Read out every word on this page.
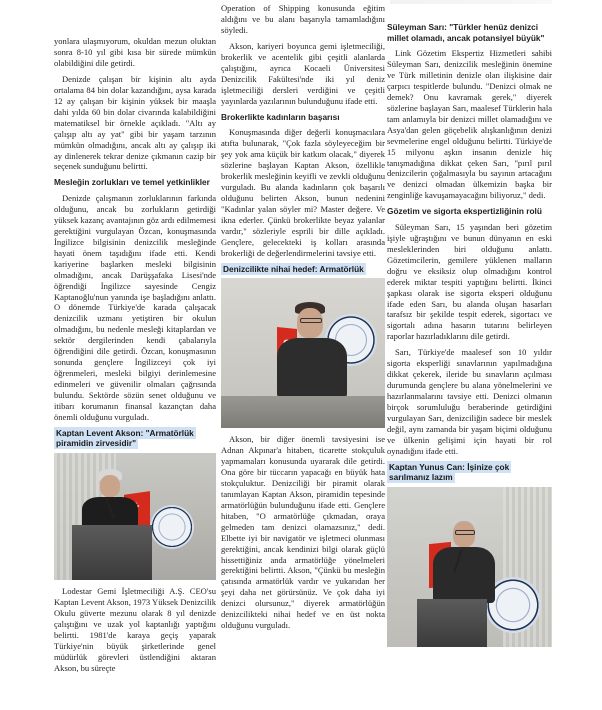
yonlara ulaşmıyorum, okuldan mezun oluktan sonra 8-10 yıl gibi kısa bir sürede mümkün olabildiğini dile getirdi.

Denizde çalışan bir kişinin altı ayda ortalama 84 bin dolar kazandığını, aysa karada 12 ay çalışan bir kişinin yüksek bir maaşla dahi yılda 60 bin dolar civarında kalabildiğini matematiksel bir örnekle açıkladı. "Altı ay çalışıp altı ay yat" gibi bir yaşam tarzının mümkün olmadığını, ancak altı ay çalışıp iki ay dinlenerek tekrar denize çıkmanın cazip bir seçenek sunduğunu belirtti.

Mesleğin zorlukları ve temel yetkinlikler

Denizde çalışmanın zorluklarının farkında olduğunu, ancak bu zorlukların getirdiği yüksek kazanç avantajının göz ardı edilmemesi gerektiğini vurgulayan Özcan, konuşmasında İngilizce bilgisinin denizcilik mesleğinde hayati önem taşıdığını ifade etti. Kendi kariyerine başlarken mesleki bilgisinin olmadığını, ancak Darüşşafaka Lisesi'nde öğrendiği İngilizce sayesinde Cengiz Kaptanoğlu'nun yanında işe başladığını anlattı. O dönemde Türkiye'de karada çalışacak denizcilik uzmanı yetiştiren bir okulun olmadığını, bu nedenle mesleği kitaplardan ve sektör dergilerinden kendi çabalarıyla öğrendiğini dile getirdi. Özcan, konuşmasının sonunda gençlere İngilizceyi çok iyi öğrenmeleri, mesleki bilgiyi derinlemesine edinmeleri ve güvenilir olmaları çağrısında bulundu. Sektörde sözün senet olduğunu ve itibarı korumanın finansal kazançtan daha önemli olduğunu vurguladı.

Kaptan Levent Akson: "Armatörlük piramidin zirvesidir"
☪

Lodestar Gemi İşletmeciliği A.Ş. CEO'su Kaptan Levent Akson, 1973 Yüksek Denizcilik Okulu güverte mezunu olarak 8 yıl denizde çalıştığını ve uzak yol kaptanlığı yaptığını belirtti. 1981'de karaya geçiş yaparak Türkiye'nin büyük şirketlerinde genel müdürlük görevleri üstlendiğini aktaran Akson, bu süreçte

Operation of Shipping konusunda eğitim aldığını ve bu alanı başarıyla tamamladığını söyledi.

Akson, kariyeri boyunca gemi işletmeciliği, brokerlik ve acentelik gibi çeşitli alanlarda çalıştığını, ayrıca Kocaeli Üniversitesi Denizcilik Fakültesi'nde iki yıl deniz işletmeciliği dersleri verdiğini ve çeşitli yayınlarda yazılarının bulunduğunu ifade etti.

Brokerlikte kadınların başarısı

Konuşmasında diğer değerli konuşmacılara atıfta bulunarak, "Çok fazla söyleyeceğim bir şey yok ama küçük bir katkım olacak," diyerek sözlerine başlayan Kaptan Akson, özellikle brokerlik mesleğinin keyifli ve zevkli olduğunu vurguladı. Bu alanda kadınların çok başarılı olduğunu belirten Akson, bunun nedenini "Kadınlar yalan söyler mi? Master değere. Ve ikna ederler. Çünkü brokerlikte beyaz yalanlar vardır," sözleriyle esprili bir dille açıkladı. Gençlere, gelecekteki iş kolları arasında brokerliği de değerlendirmelerini tavsiye etti.

Denizcilikte nihai hedef: Armatörlük
☪

Akson, bir diğer önemli tavsiyesini ise Adnan Akpınar'a hitaben, ticarette stokçuluk yapmamaları konusunda uyararak dile getirdi. Ona göre bir tüccarın yapacağı en büyük hata stokçuluktur. Denizciliği bir piramit olarak tanımlayan Kaptan Akson, piramidin tepesinde armatörlüğün bulunduğunu ifade etti. Gençlere hitaben, "O armatörlüğe çıkmadan, oraya gelmeden tam denizci olamazsınız," dedi. Elbette iyi bir navigatör ve işletmeci olunması gerektiğini, ancak kendinizi bilgi olarak güçlü hissettiğiniz anda armatörlüğe yönelmeleri gerektiğini belirtti. Akson, "Çünkü bu mesleğin çatısında armatörlük vardır ve yukarıdan her şeyi daha net görürsünüz. Ve çok daha iyi denizci olursunuz," diyerek armatörlüğün denizcilikteki nihai hedef ve en üst nokta olduğunu vurguladı.

Süleyman Sarı: "Türkler henüz denizci millet olamadı, ancak potansiyel büyük"

Link Gözetim Ekspertiz Hizmetleri sahibi Süleyman Sarı, denizcilik mesleğinin önemine ve Türk milletinin denizle olan ilişkisine dair çarpıcı tespitlerde bulundu. "Denizci olmak ne demek? Onu kavramak gerek," diyerek sözlerine başlayan Sarı, maalesef Türklerin hala tam anlamıyla bir denizci millet olamadığını ve Asya'dan gelen göçebelik alışkanlığının denizi sevmelerine engel olduğunu belirtti. Türkiye'de 15 milyonu aşkın insanın denizle hiç tanışmadığına dikkat çeken Sarı, "pırıl pırıl denizcilerin çoğalmasıyla bu sayının artacağını ve denizci olmadan ülkemizin başka bir zenginliğe kavuşamayacağını biliyoruz," dedi.

Gözetim ve sigorta ekspertizliğinin rolü

Süleyman Sarı, 15 yaşından beri gözetim işiyle uğraştığını ve bunun dünyanın en eski mesleklerinden biri olduğunu anlattı. Gözetimcilerin, gemilere yüklenen malların doğru ve eksiksiz olup olmadığını kontrol ederek miktar tespiti yaptığını belirtti. İkinci şapkası olarak ise sigorta eksperi olduğunu ifade eden Sarı, bu alanda oluşan hasarları tarafsız bir şekilde tespit ederek, sigortacı ve sigortalı adına hasarın tutarını belirleyen raporlar hazırladıklarını dile getirdi.

Sarı, Türkiye'de maalesef son 10 yıldır sigorta eksperliği sınavlarının yapılmadığına dikkat çekerek, ileride bu sınavların açılması durumunda gençlere bu alana yönelmelerini ve hazırlanmalarını tavsiye etti. Denizci olmanın birçok sorumluluğu beraberinde getirdiğini vurgulayan Sarı, denizciliğin sadece bir meslek değil, aynı zamanda bir yaşam biçimi olduğunu ve ülkenin gelişimi için hayati bir rol oynadığını ifade etti.

Kaptan Yunus Can: İşinize çok sarılmanız lazım
☪
